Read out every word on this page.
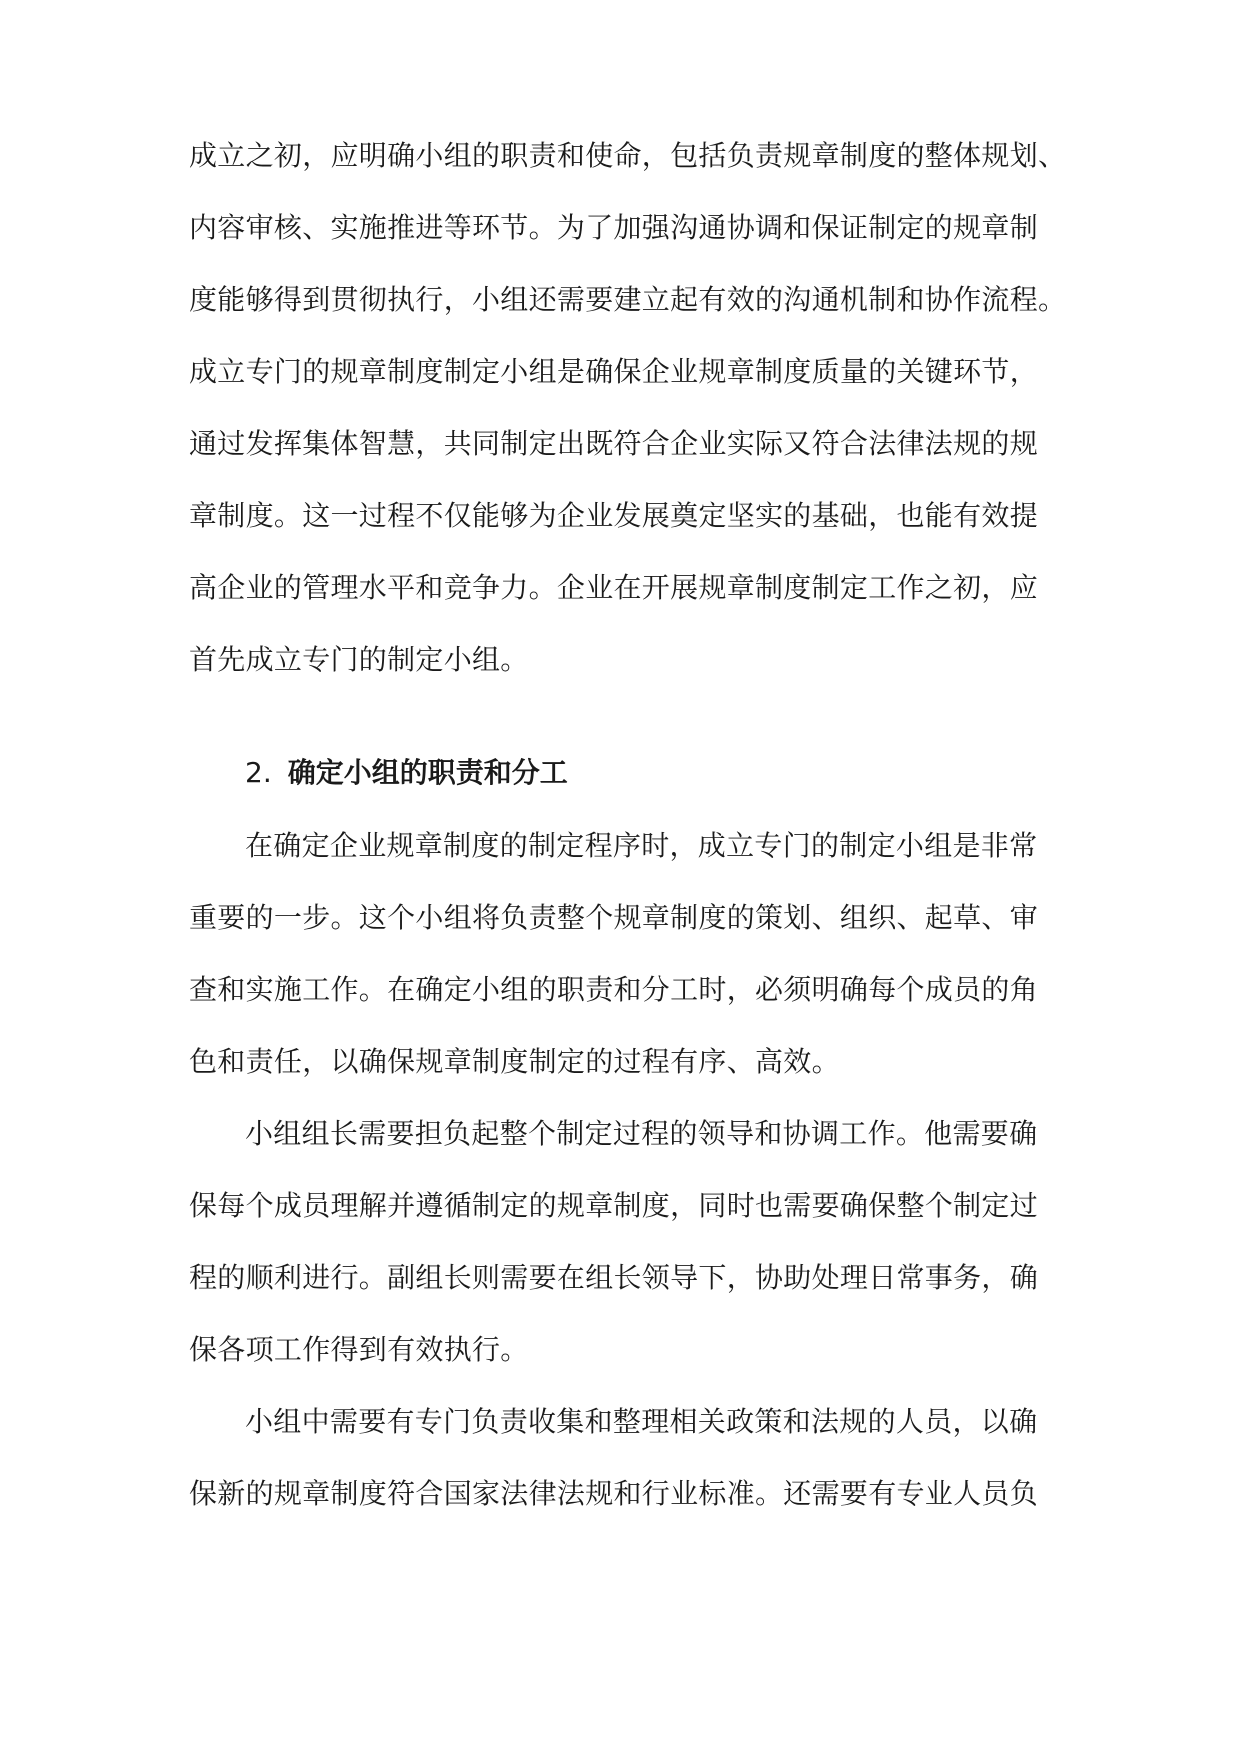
成立之初，应明确小组的职责和使命，包括负责规章制度的整体规划、
内容审核、实施推进等环节。为了加强沟通协调和保证制定的规章制
度能够得到贯彻执行，小组还需要建立起有效的沟通机制和协作流程。
成立专门的规章制度制定小组是确保企业规章制度质量的关键环节，
通过发挥集体智慧，共同制定出既符合企业实际又符合法律法规的规
章制度。这一过程不仅能够为企业发展奠定坚实的基础，也能有效提
高企业的管理水平和竞争力。企业在开展规章制度制定工作之初，应
首先成立专门的制定小组。
2. 确定小组的职责和分工
在确定企业规章制度的制定程序时，成立专门的制定小组是非常
重要的一步。这个小组将负责整个规章制度的策划、组织、起草、审
查和实施工作。在确定小组的职责和分工时，必须明确每个成员的角
色和责任，以确保规章制度制定的过程有序、高效。
小组组长需要担负起整个制定过程的领导和协调工作。他需要确
保每个成员理解并遵循制定的规章制度，同时也需要确保整个制定过
程的顺利进行。副组长则需要在组长领导下，协助处理日常事务，确
保各项工作得到有效执行。
小组中需要有专门负责收集和整理相关政策和法规的人员，以确
保新的规章制度符合国家法律法规和行业标准。还需要有专业人员负
